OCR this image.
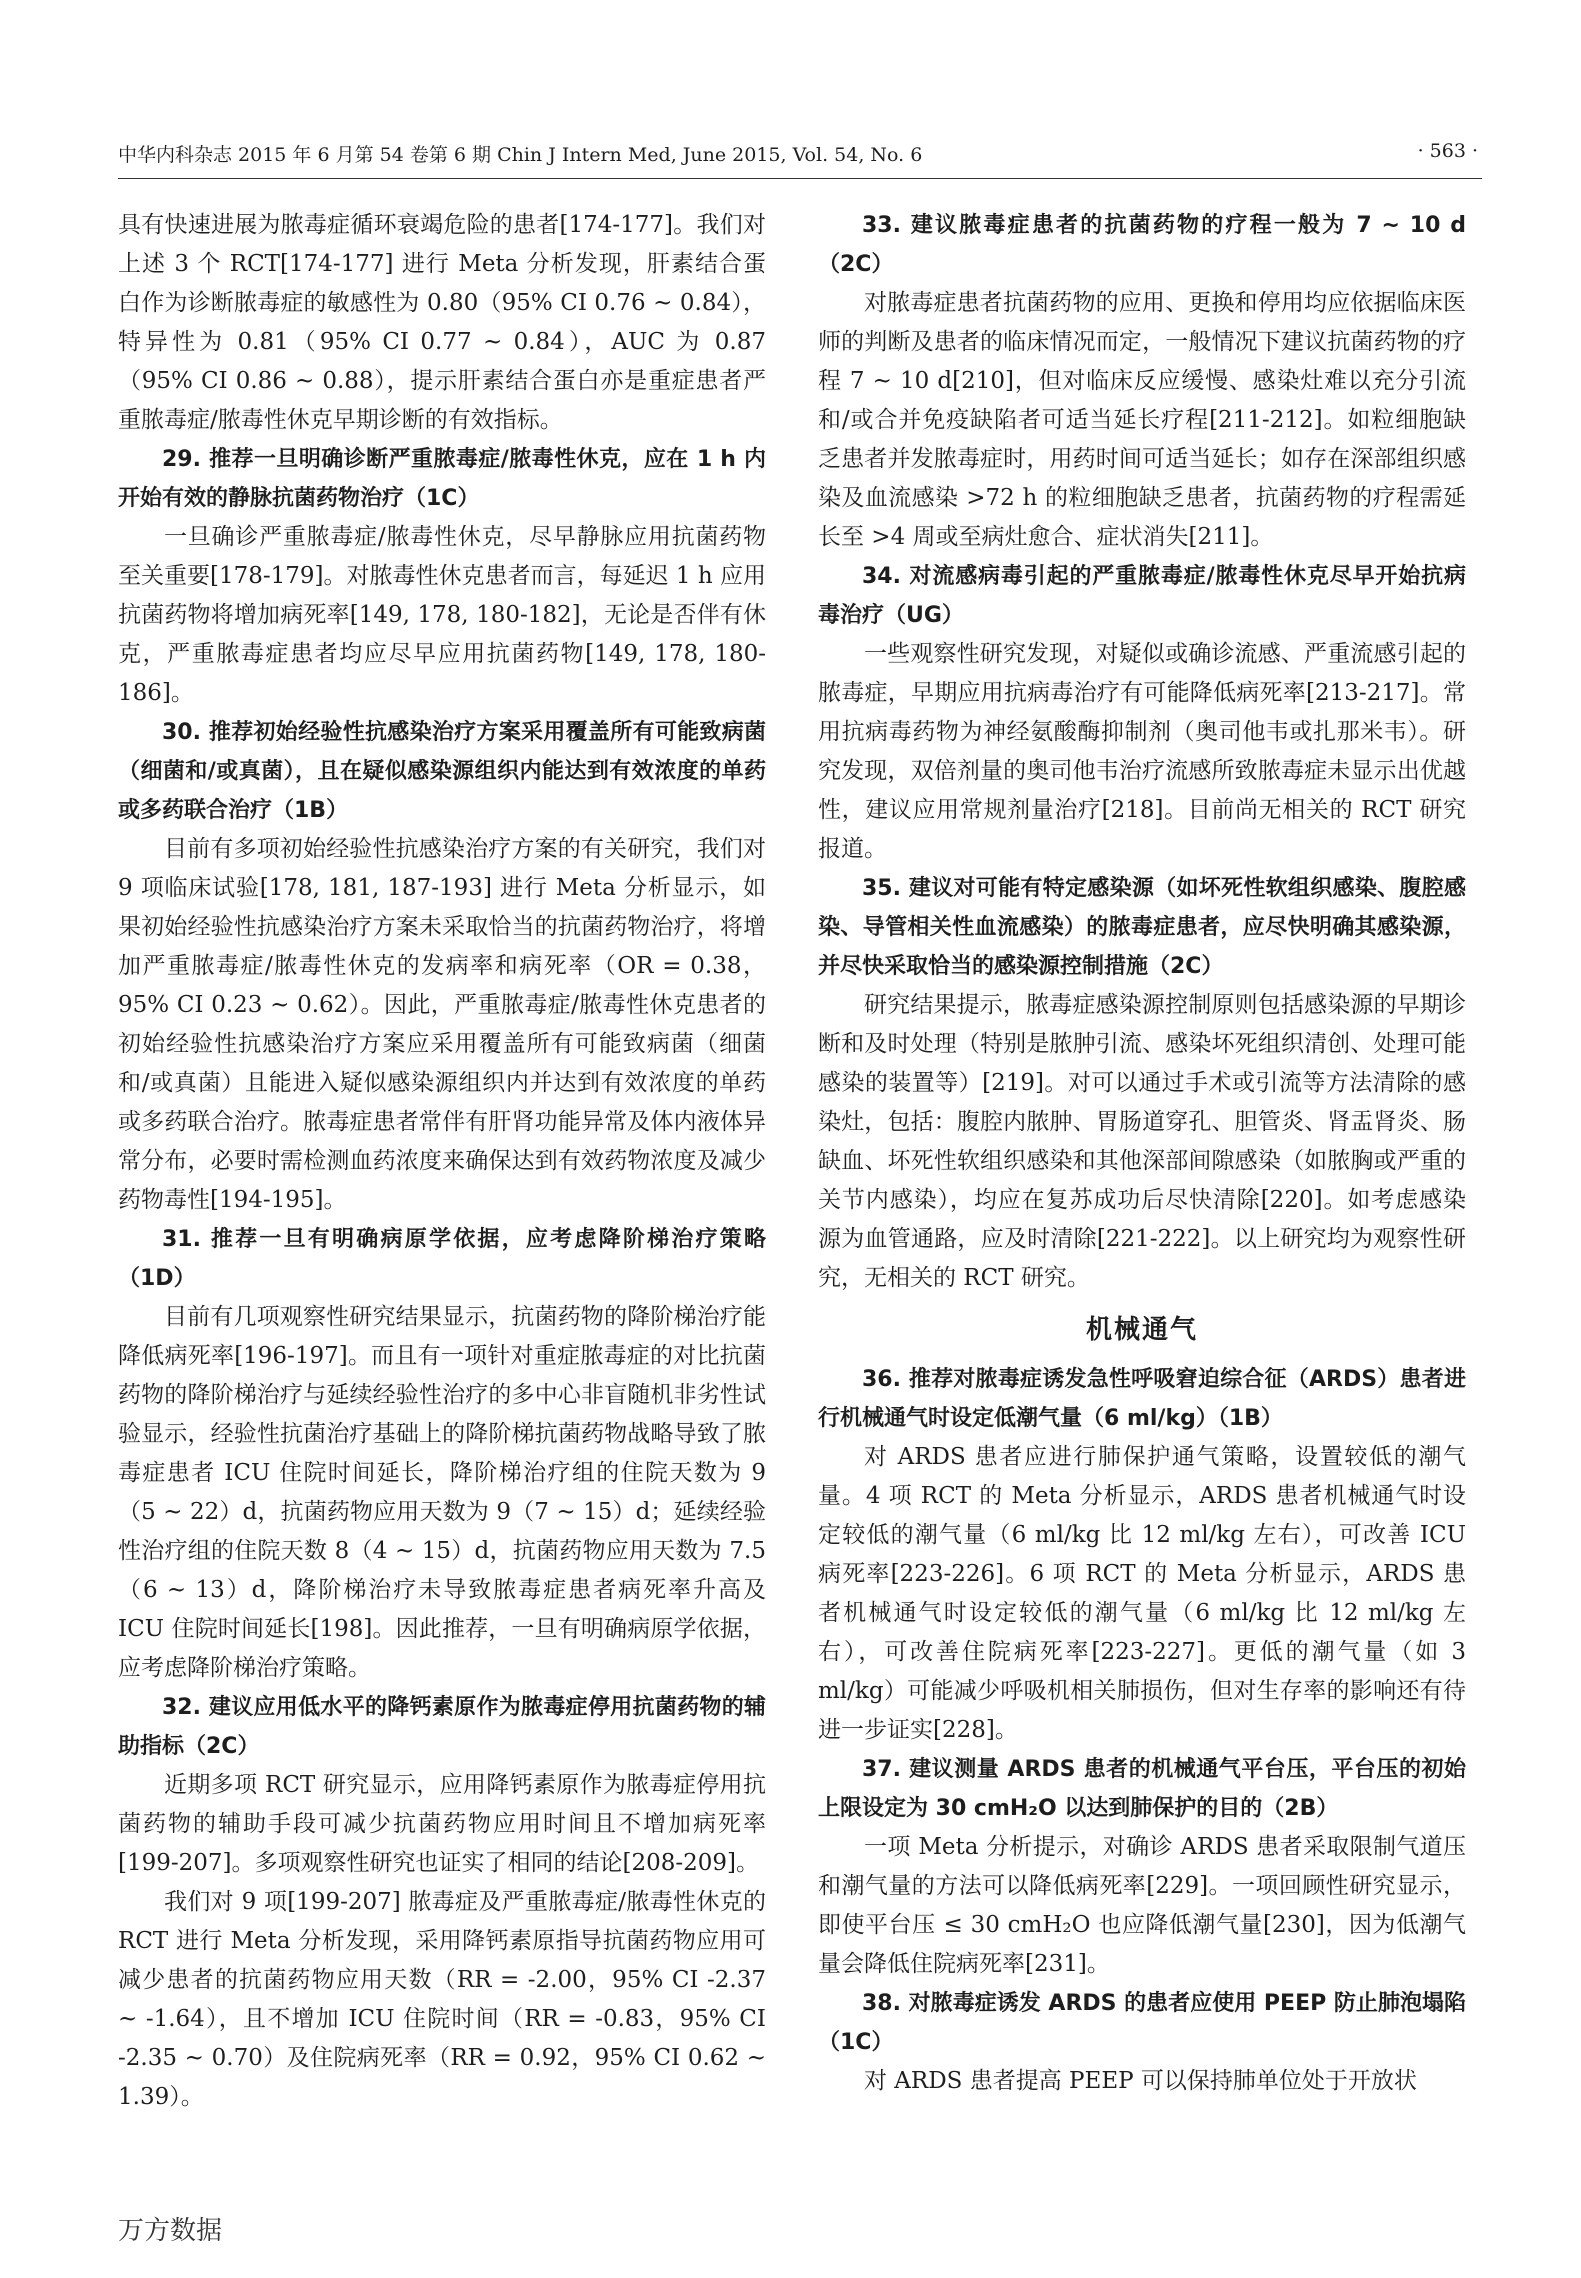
中华内科杂志 2015 年 6 月第 54 卷第 6 期 Chin J Intern Med, June 2015, Vol. 54, No. 6	· 563 ·

具有快速进展为脓毒症循环衰竭危险的患者[174-177]。我们对上述 3 个 RCT[174-177] 进行 Meta 分析发现，肝素结合蛋白作为诊断脓毒症的敏感性为 0.80（95% CI 0.76 ~ 0.84），特异性为 0.81（95% CI 0.77 ~ 0.84），AUC 为 0.87（95% CI 0.86 ~ 0.88），提示肝素结合蛋白亦是重症患者严重脓毒症/脓毒性休克早期诊断的有效指标。

29. 推荐一旦明确诊断严重脓毒症/脓毒性休克，应在 1 h 内开始有效的静脉抗菌药物治疗（1C）

一旦确诊严重脓毒症/脓毒性休克，尽早静脉应用抗菌药物至关重要[178-179]。对脓毒性休克患者而言，每延迟 1 h 应用抗菌药物将增加病死率[149, 178, 180-182]，无论是否伴有休克，严重脓毒症患者均应尽早应用抗菌药物[149, 178, 180-186]。

30. 推荐初始经验性抗感染治疗方案采用覆盖所有可能致病菌（细菌和/或真菌），且在疑似感染源组织内能达到有效浓度的单药或多药联合治疗（1B）

目前有多项初始经验性抗感染治疗方案的有关研究，我们对 9 项临床试验[178, 181, 187-193] 进行 Meta 分析显示，如果初始经验性抗感染治疗方案未采取恰当的抗菌药物治疗，将增加严重脓毒症/脓毒性休克的发病率和病死率（OR = 0.38，95% CI 0.23 ~ 0.62）。因此，严重脓毒症/脓毒性休克患者的初始经验性抗感染治疗方案应采用覆盖所有可能致病菌（细菌和/或真菌）且能进入疑似感染源组织内并达到有效浓度的单药或多药联合治疗。脓毒症患者常伴有肝肾功能异常及体内液体异常分布，必要时需检测血药浓度来确保达到有效药物浓度及减少药物毒性[194-195]。

31. 推荐一旦有明确病原学依据，应考虑降阶梯治疗策略（1D）

目前有几项观察性研究结果显示，抗菌药物的降阶梯治疗能降低病死率[196-197]。而且有一项针对重症脓毒症的对比抗菌药物的降阶梯治疗与延续经验性治疗的多中心非盲随机非劣性试验显示，经验性抗菌治疗基础上的降阶梯抗菌药物战略导致了脓毒症患者 ICU 住院时间延长，降阶梯治疗组的住院天数为 9（5 ~ 22）d，抗菌药物应用天数为 9（7 ~ 15）d；延续经验性治疗组的住院天数 8（4 ~ 15）d，抗菌药物应用天数为 7.5（6 ~ 13）d，降阶梯治疗未导致脓毒症患者病死率升高及 ICU 住院时间延长[198]。因此推荐，一旦有明确病原学依据，应考虑降阶梯治疗策略。

32. 建议应用低水平的降钙素原作为脓毒症停用抗菌药物的辅助指标（2C）

近期多项 RCT 研究显示，应用降钙素原作为脓毒症停用抗菌药物的辅助手段可减少抗菌药物应用时间且不增加病死率[199-207]。多项观察性研究也证实了相同的结论[208-209]。

我们对 9 项[199-207] 脓毒症及严重脓毒症/脓毒性休克的 RCT 进行 Meta 分析发现，采用降钙素原指导抗菌药物应用可减少患者的抗菌药物应用天数（RR = -2.00，95% CI -2.37 ~ -1.64），且不增加 ICU 住院时间（RR = -0.83，95% CI -2.35 ~ 0.70）及住院病死率（RR = 0.92，95% CI 0.62 ~ 1.39）。

33. 建议脓毒症患者的抗菌药物的疗程一般为 7 ~ 10 d（2C）

对脓毒症患者抗菌药物的应用、更换和停用均应依据临床医师的判断及患者的临床情况而定，一般情况下建议抗菌药物的疗程 7 ~ 10 d[210]，但对临床反应缓慢、感染灶难以充分引流和/或合并免疫缺陷者可适当延长疗程[211-212]。如粒细胞缺乏患者并发脓毒症时，用药时间可适当延长；如存在深部组织感染及血流感染 >72 h 的粒细胞缺乏患者，抗菌药物的疗程需延长至 >4 周或至病灶愈合、症状消失[211]。

34. 对流感病毒引起的严重脓毒症/脓毒性休克尽早开始抗病毒治疗（UG）

一些观察性研究发现，对疑似或确诊流感、严重流感引起的脓毒症，早期应用抗病毒治疗有可能降低病死率[213-217]。常用抗病毒药物为神经氨酸酶抑制剂（奥司他韦或扎那米韦）。研究发现，双倍剂量的奥司他韦治疗流感所致脓毒症未显示出优越性，建议应用常规剂量治疗[218]。目前尚无相关的 RCT 研究报道。

35. 建议对可能有特定感染源（如坏死性软组织感染、腹腔感染、导管相关性血流感染）的脓毒症患者，应尽快明确其感染源，并尽快采取恰当的感染源控制措施（2C）

研究结果提示，脓毒症感染源控制原则包括感染源的早期诊断和及时处理（特别是脓肿引流、感染坏死组织清创、处理可能感染的装置等）[219]。对可以通过手术或引流等方法清除的感染灶，包括：腹腔内脓肿、胃肠道穿孔、胆管炎、肾盂肾炎、肠缺血、坏死性软组织感染和其他深部间隙感染（如脓胸或严重的关节内感染），均应在复苏成功后尽快清除[220]。如考虑感染源为血管通路，应及时清除[221-222]。以上研究均为观察性研究，无相关的 RCT 研究。

机械通气

36. 推荐对脓毒症诱发急性呼吸窘迫综合征（ARDS）患者进行机械通气时设定低潮气量（6 ml/kg）（1B）

对 ARDS 患者应进行肺保护通气策略，设置较低的潮气量。4 项 RCT 的 Meta 分析显示，ARDS 患者机械通气时设定较低的潮气量（6 ml/kg 比 12 ml/kg 左右），可改善 ICU 病死率[223-226]。6 项 RCT 的 Meta 分析显示，ARDS 患者机械通气时设定较低的潮气量（6 ml/kg 比 12 ml/kg 左右），可改善住院病死率[223-227]。更低的潮气量（如 3 ml/kg）可能减少呼吸机相关肺损伤，但对生存率的影响还有待进一步证实[228]。

37. 建议测量 ARDS 患者的机械通气平台压，平台压的初始上限设定为 30 cmH₂O 以达到肺保护的目的（2B）

一项 Meta 分析提示，对确诊 ARDS 患者采取限制气道压和潮气量的方法可以降低病死率[229]。一项回顾性研究显示，即使平台压 ≤ 30 cmH₂O 也应降低潮气量[230]，因为低潮气量会降低住院病死率[231]。

38. 对脓毒症诱发 ARDS 的患者应使用 PEEP 防止肺泡塌陷（1C）

对 ARDS 患者提高 PEEP 可以保持肺单位处于开放状

万方数据
